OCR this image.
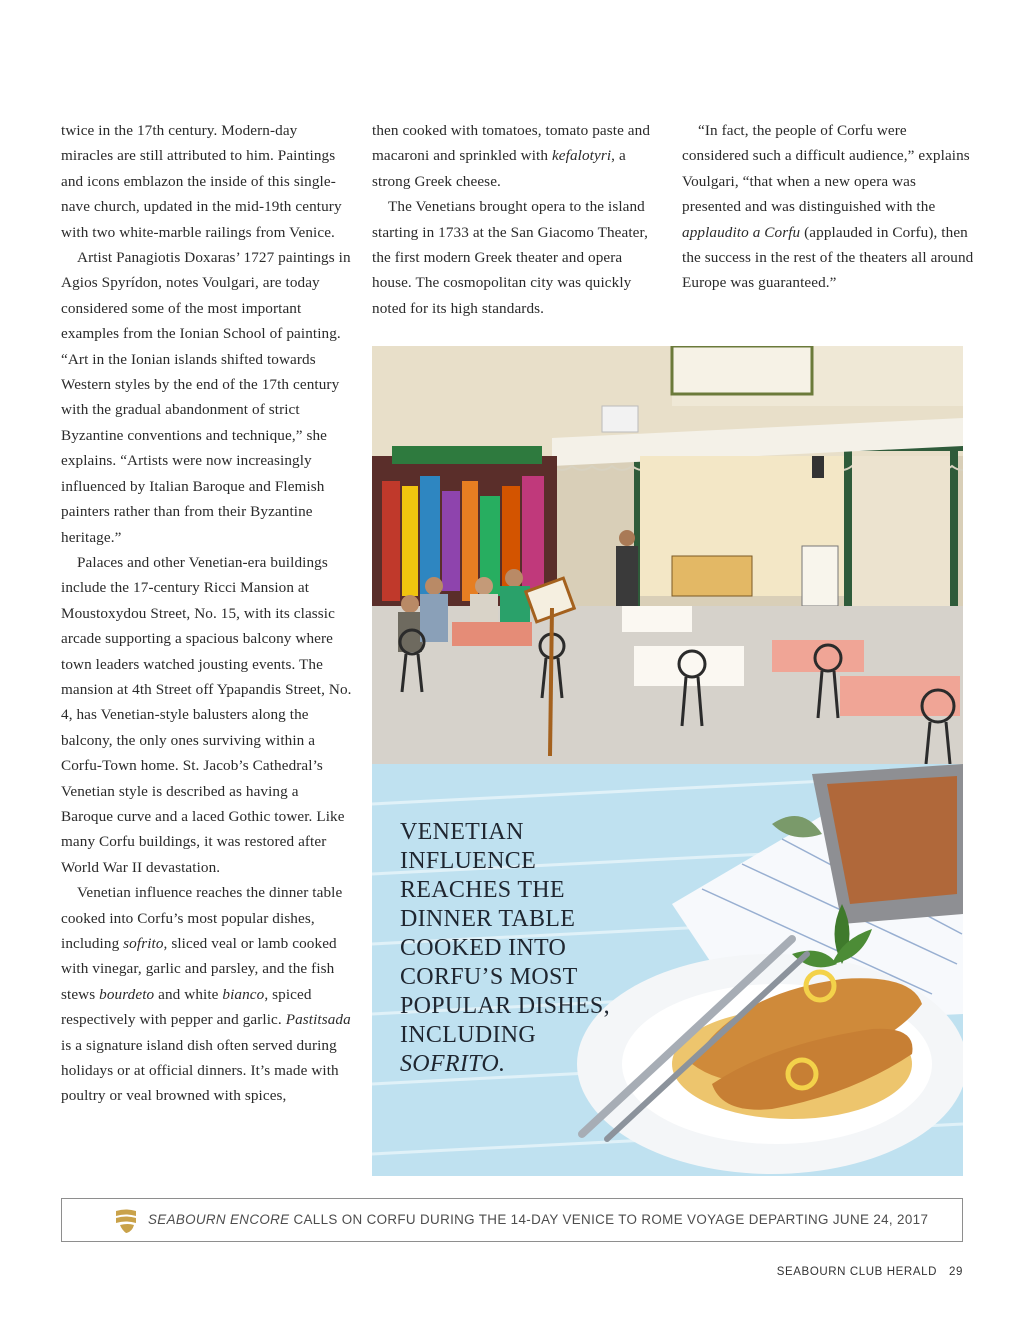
twice in the 17th century. Modern-day miracles are still attributed to him. Paintings and icons emblazon the inside of this single-nave church, updated in the mid-19th century with two white-marble railings from Venice.

Artist Panagiotis Doxaras’ 1727 paintings in Agios Spyrídon, notes Voulgari, are today considered some of the most important examples from the Ionian School of painting. “Art in the Ionian islands shifted towards Western styles by the end of the 17th century with the gradual abandonment of strict Byzantine conventions and technique,” she explains. “Artists were now increasingly influenced by Italian Baroque and Flemish painters rather than from their Byzantine heritage.”

Palaces and other Venetian-era buildings include the 17-century Ricci Mansion at Moustoxydou Street, No. 15, with its classic arcade supporting a spacious balcony where town leaders watched jousting events. The mansion at 4th Street off Ypapandis Street, No. 4, has Venetian-style balusters along the balcony, the only ones surviving within a Corfu-Town home. St. Jacob’s Cathedral’s Venetian style is described as having a Baroque curve and a laced Gothic tower. Like many Corfu buildings, it was restored after World War II devastation.

Venetian influence reaches the dinner table cooked into Corfu’s most popular dishes, including sofrito, sliced veal or lamb cooked with vinegar, garlic and parsley, and the fish stews bourdeto and white bianco, spiced respectively with pepper and garlic. Pastitsada is a signature island dish often served during holidays or at official dinners. It’s made with poultry or veal browned with spices,

then cooked with tomatoes, tomato paste and macaroni and sprinkled with kefalotyri, a strong Greek cheese.

The Venetians brought opera to the island starting in 1733 at the San Giacomo Theater, the first modern Greek theater and opera house. The cosmopolitan city was quickly noted for its high standards.

“In fact, the people of Corfu were considered such a difficult audience,” explains Voulgari, “that when a new opera was presented and was distinguished with the applaudito a Corfu (applauded in Corfu), then the success in the rest of the theaters all around Europe was guaranteed.”

VENETIAN INFLUENCE REACHES THE DINNER TABLE COOKED INTO CORFU’S MOST POPULAR DISHES, INCLUDING SOFRITO.

SEABOURN ENCORE CALLS ON CORFU DURING THE 14-DAY VENICE TO ROME VOYAGE DEPARTING JUNE 24, 2017
SEABOURN CLUB HERALD 29
